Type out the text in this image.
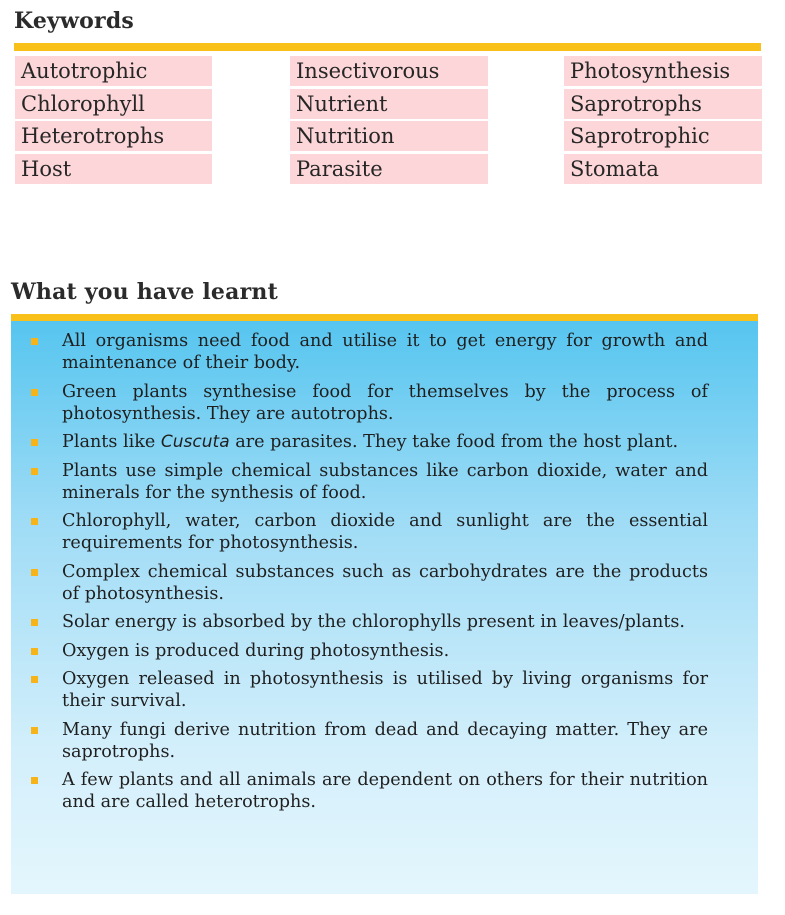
Keywords
Autotrophic
Chlorophyll
Heterotrophs
Host
Insectivorous
Nutrient
Nutrition
Parasite
Photosynthesis
Saprotrophs
Saprotrophic
Stomata
What you have learnt
All organisms need food and utilise it to get energy for growth and maintenance of their body.
Green plants synthesise food for themselves by the process of photosynthesis. They are autotrophs.
Plants like Cuscuta are parasites. They take food from the host plant.
Plants use simple chemical substances like carbon dioxide, water and minerals for the synthesis of food.
Chlorophyll, water, carbon dioxide and sunlight are the essential requirements for photosynthesis.
Complex chemical substances such as carbohydrates are the products of photosynthesis.
Solar energy is absorbed by the chlorophylls present in leaves/plants.
Oxygen is produced during photosynthesis.
Oxygen released in photosynthesis is utilised by living organisms for their survival.
Many fungi derive nutrition from dead and decaying matter. They are saprotrophs.
A few plants and all animals are dependent on others for their nutrition and are called heterotrophs.
